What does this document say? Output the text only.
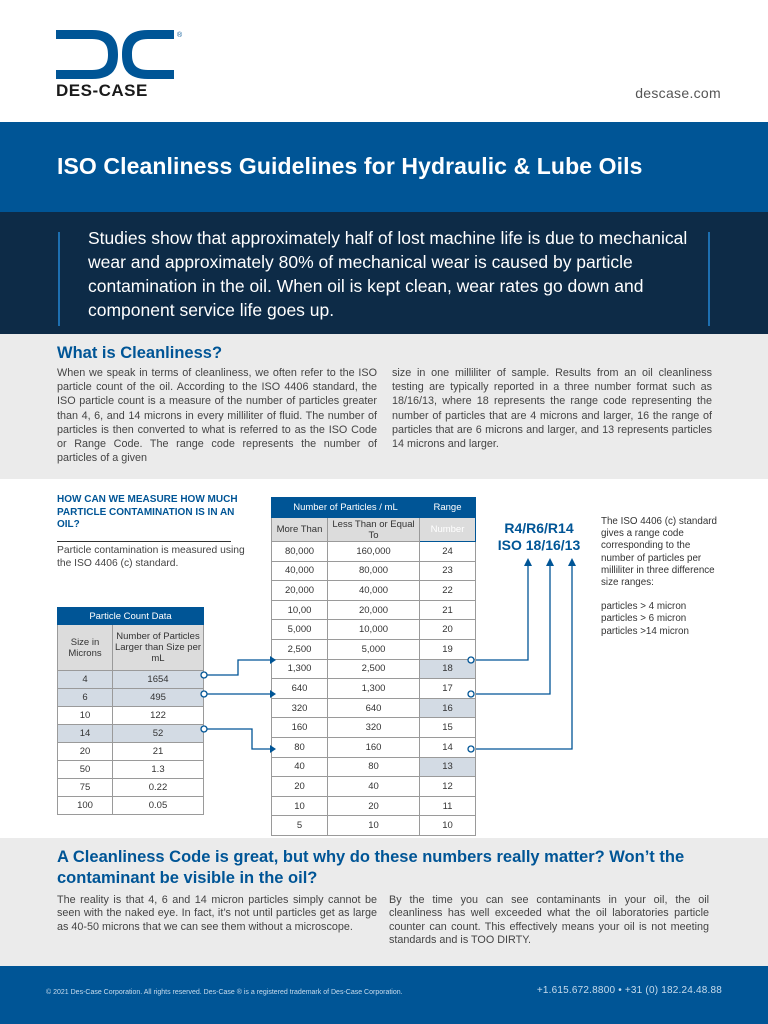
®
DES-CASE	descase.com
ISO Cleanliness Guidelines for Hydraulic & Lube Oils

Studies show that approximately half of lost machine life is due to mechanical wear and approximately 80% of mechanical wear is caused by particle contamination in the oil. When oil is kept clean, wear rates go down and component service life goes up.

What is Cleanliness?
When we speak in terms of cleanliness, we often refer to the ISO particle count of the oil. According to the ISO 4406 standard, the ISO particle count is a measure of the number of particles greater than 4, 6, and 14 microns in every milliliter of fluid. The number of particles is then converted to what is referred to as the ISO Code or Range Code. The range code represents the number of particles of a given
size in one milliliter of sample. Results from an oil cleanliness testing are typically reported in a three number format such as 18/16/13, where 18 represents the range code representing the number of particles that are 4 microns and larger, 16 the range of particles that are 6 microns and larger, and 13 represents particles 14 microns and larger.
HOW CAN WE MEASURE HOW MUCH PARTICLE CONTAMINATION IS IN AN OIL?
Particle contamination is measured using the ISO 4406 (c) standard.
Particle Count Data	
Size in Microns	Number of Particles Larger than Size per mL
4	1654
6	495
10	122
14	52
20	21
50	1.3
75	0.22
100	0.05
Number of Particles / mL		Range
More Than	Less Than or Equal To	Number
80,000	160,000	24
40,000	80,000	23
20,000	40,000	22
10,00	20,000	21
5,000	10,000	20
2,500	5,000	19
1,300	2,500	18
640	1,300	17
320	640	16
160	320	15
80	160	14
40	80	13
20	40	12
10	20	11
5	10	10
R4/R6/R14
ISO 18/16/13
The ISO 4406 (c) standard gives a range code corresponding to the number of particles per milliliter in three difference size ranges:
particles > 4 micron
particles > 6 micron
particles >14 micron
A Cleanliness Code is great, but why do these numbers really matter? Won’t the contaminant be visible in the oil?
The reality is that 4, 6 and 14 micron particles simply cannot be seen with the naked eye. In fact, it’s not until particles get as large as 40-50 microns that we can see them without a microscope.
By the time you can see contaminants in your oil, the oil cleanliness has well exceeded what the oil laboratories particle counter can count. This effectively means your oil is not meeting standards and is TOO DIRTY.
© 2021 Des-Case Corporation. All rights reserved. Des-Case ® is a registered trademark of Des-Case Corporation.	+1.615.672.8800 • +31 (0) 182.24.48.88
